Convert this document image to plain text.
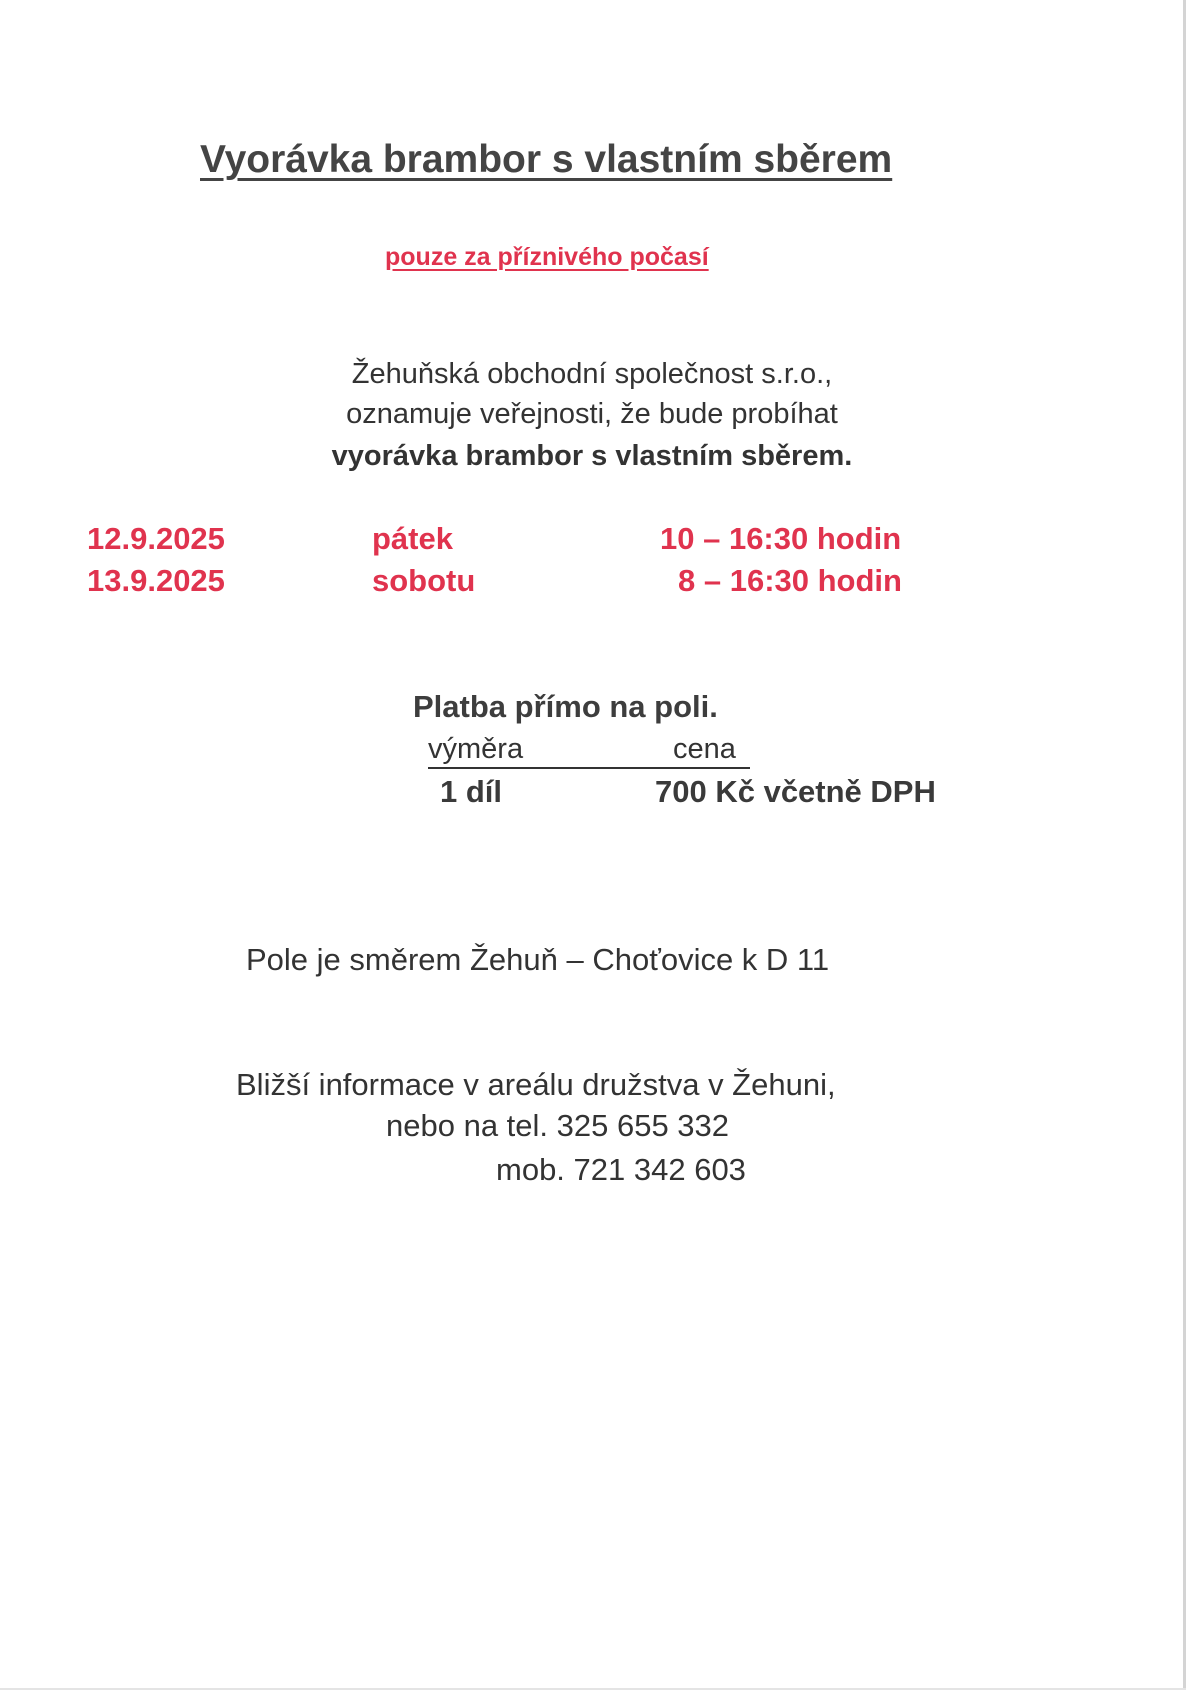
Vyorávka brambor s vlastním sběrem
pouze za příznivého počasí
Žehuňská obchodní společnost s.r.o.,
oznamuje veřejnosti, že bude probíhat
vyorávka brambor s vlastním sběrem.
12.9.2025	pátek	10 – 16:30 hodin
13.9.2025	sobotu	8 – 16:30 hodin
Platba přímo na poli.
výměra	cena
1 díl	700 Kč včetně DPH
Pole je směrem Žehuň – Choťovice k D 11
Bližší informace v areálu družstva v Žehuni,
nebo na tel. 325 655 332
mob. 721 342 603
